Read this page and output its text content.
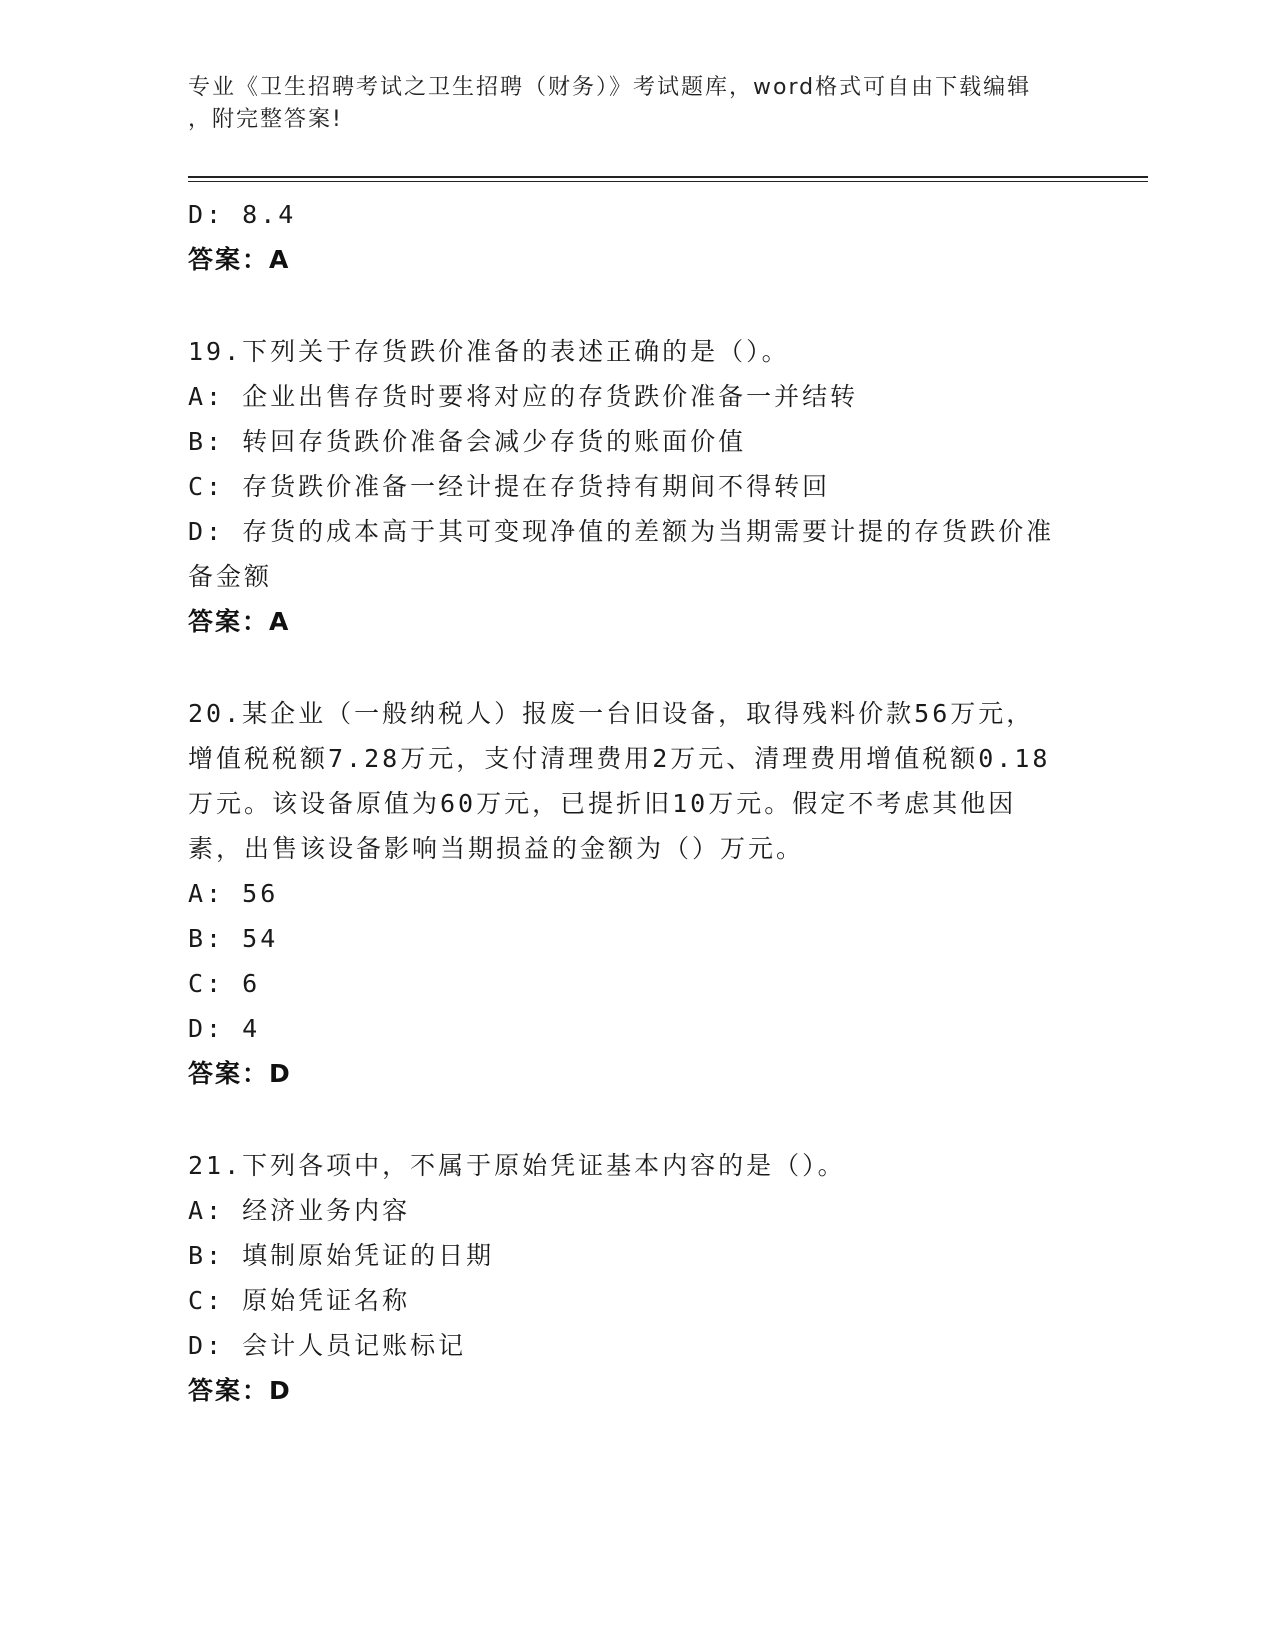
专业《卫生招聘考试之卫生招聘（财务）》考试题库，word格式可自由下载编辑
，附完整答案!

D: 8.4

答案：A

19.下列关于存货跌价准备的表述正确的是（）。

A: 企业出售存货时要将对应的存货跌价准备一并结转

B: 转回存货跌价准备会减少存货的账面价值

C: 存货跌价准备一经计提在存货持有期间不得转回

D: 存货的成本高于其可变现净值的差额为当期需要计提的存货跌价准

备金额

答案：A

20.某企业（一般纳税人）报废一台旧设备，取得残料价款56万元，

增值税税额7.28万元，支付清理费用2万元、清理费用增值税额0.18

万元。该设备原值为60万元，已提折旧10万元。假定不考虑其他因

素，出售该设备影响当期损益的金额为（）万元。

A: 56

B: 54

C: 6

D: 4

答案：D

21.下列各项中，不属于原始凭证基本内容的是（）。

A: 经济业务内容

B: 填制原始凭证的日期

C: 原始凭证名称

D: 会计人员记账标记

答案：D
